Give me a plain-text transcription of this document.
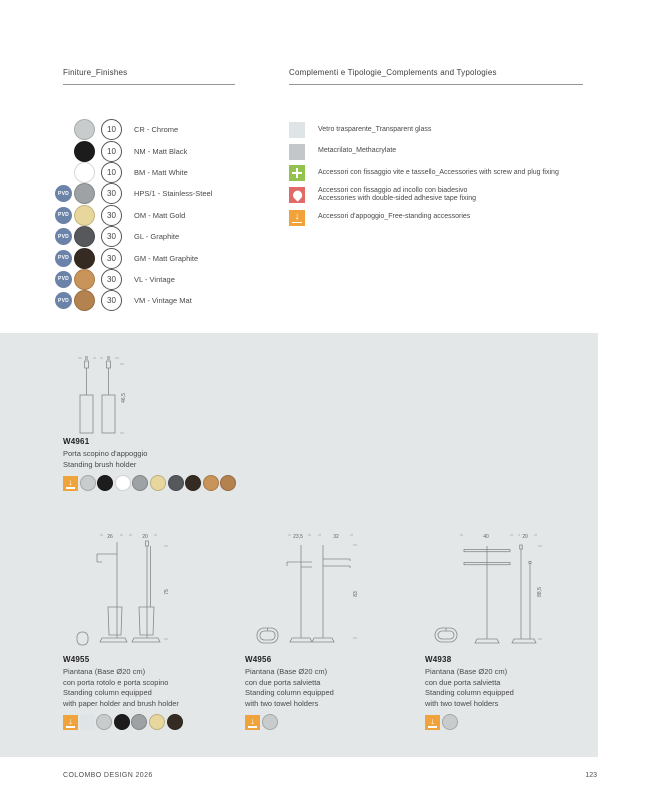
Finiture_Finishes	Complementi e Tipologie_Complements and Typologies
10	CR - Chrome
10	NM - Matt Black
10	BM - Matt White
PVD	30	HPS/1 - Stainless-Steel
PVD	30	OM - Matt Gold
PVD	30	GL - Graphite
PVD	30	GM - Matt Graphite
PVD	30	VL - Vintage
PVD	30	VM - Vintage Mat
Vetro trasparente_Transparent glass
Metacrilato_Methacrylate
Accessori con fissaggio vite e tassello_Accessories with screw and plug fixing
Accessori con fissaggio ad incollo con biadesivo
Accessories with double-sided adhesive tape fixing
↓	Accessori d'appoggio_Free-standing accessories
8	8
46,5
W4961
Porta scopino d'appoggio
Standing brush holder
↓
26	20
75
W4955
Piantana (Base Ø20 cm)
con porta rotolo e porta scopino
Standing column equipped
with paper holder and brush holder
↓
23,5	32
83
W4956
Piantana (Base Ø20 cm)
con due porta salvietta
Standing column equipped
with two towel holders
↓
40	20
88,5
W4938
Piantana (Base Ø20 cm)
con due porta salvietta
Standing column equipped
with two towel holders
↓
COLOMBO DESIGN 2026	123
